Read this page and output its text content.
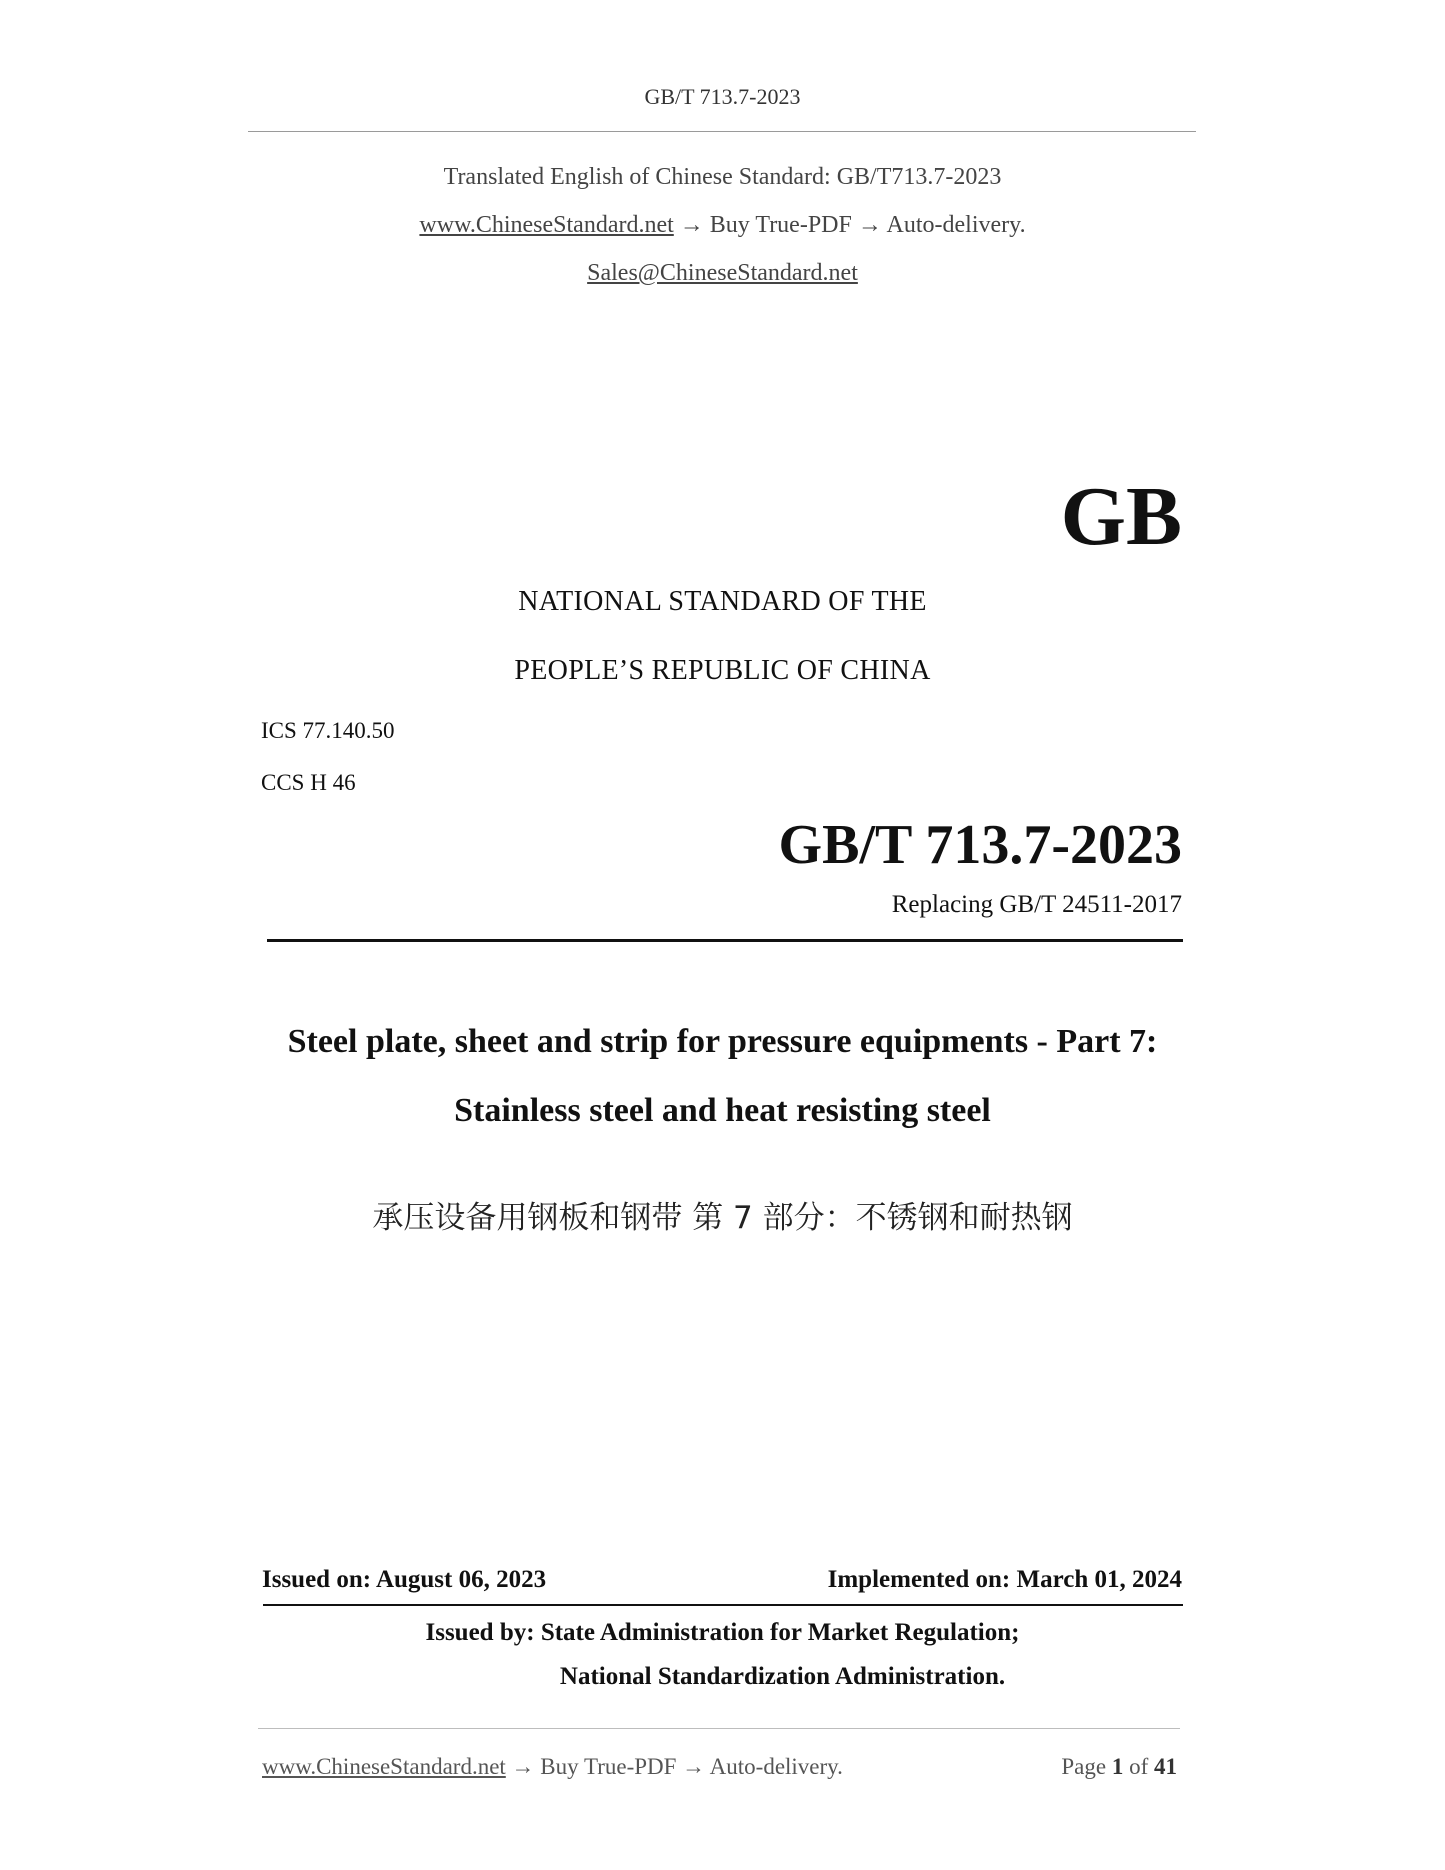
GB/T 713.7-2023
Translated English of Chinese Standard: GB/T713.7-2023
www.ChineseStandard.net → Buy True-PDF → Auto-delivery.
Sales@ChineseStandard.net
GB
NATIONAL STANDARD OF THE
PEOPLE’S REPUBLIC OF CHINA
ICS 77.140.50
CCS H 46
GB/T 713.7-2023
Replacing GB/T 24511-2017
Steel plate, sheet and strip for pressure equipments - Part 7:
Stainless steel and heat resisting steel
承压设备用钢板和钢带 第 7 部分：不锈钢和耐热钢
Issued on: August 06, 2023	Implemented on: March 01, 2024
Issued by: State Administration for Market Regulation;
National Standardization Administration.
www.ChineseStandard.net → Buy True-PDF → Auto-delivery.	Page 1 of 41
